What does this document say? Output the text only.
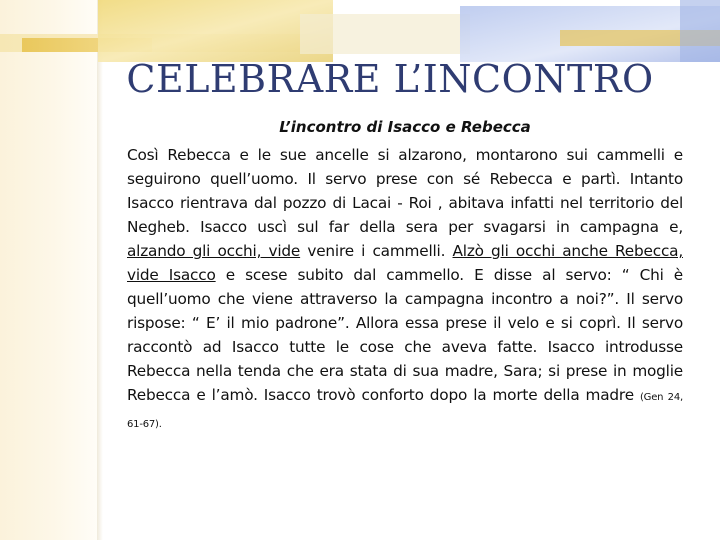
CELEBRARE L’INCONTRO

L’incontro di Isacco e Rebecca

Così Rebecca e le sue ancelle si alzarono, montarono sui cammelli e seguirono quell’uomo. Il servo prese con sé Rebecca e partì. Intanto Isacco rientrava dal pozzo di Lacai - Roi , abitava infatti nel territorio del Negheb. Isacco uscì sul far della sera per svagarsi in campagna e, alzando gli occhi, vide venire i cammelli. Alzò gli occhi anche Rebecca, vide Isacco e scese subito dal cammello. E disse al servo: “ Chi è quell’uomo che viene attraverso la campagna incontro a noi?”. Il servo rispose: “ E’ il mio padrone”. Allora essa prese il velo e si coprì. Il servo raccontò ad Isacco tutte le cose che aveva fatte. Isacco introdusse Rebecca nella tenda che era stata di sua madre, Sara; si prese in moglie Rebecca e l’amò. Isacco trovò conforto dopo la morte della madre (Gen 24, 61-67).
